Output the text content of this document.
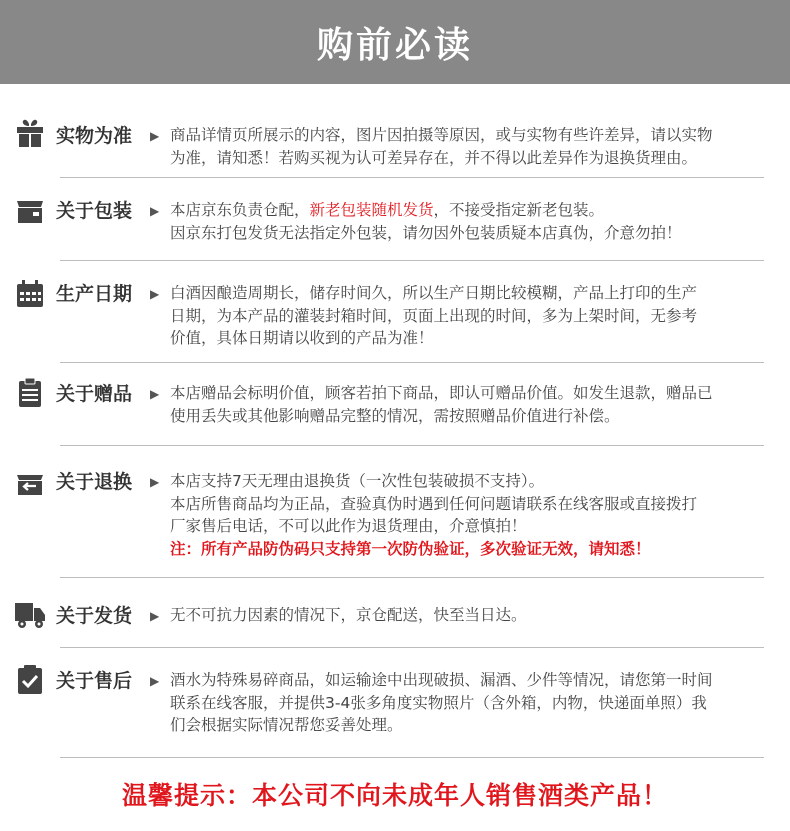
购前必读
实物为准 ▶ 商品详情页所展示的内容，图片因拍摄等原因，或与实物有些许差异，请以实物
为准，请知悉！若购买视为认可差异存在，并不得以此差异作为退换货理由。
关于包装 ▶ 本店京东负责仓配，新老包装随机发货，不接受指定新老包装。
因京东打包发货无法指定外包装，请勿因外包装质疑本店真伪，介意勿拍！
生产日期 ▶ 白酒因酿造周期长，储存时间久，所以生产日期比较模糊，产品上打印的生产
日期，为本产品的灌装封箱时间，页面上出现的时间，多为上架时间，无参考
价值，具体日期请以收到的产品为准！
关于赠品 ▶ 本店赠品会标明价值，顾客若拍下商品，即认可赠品价值。如发生退款，赠品已
使用丢失或其他影响赠品完整的情况，需按照赠品价值进行补偿。
关于退换 ▶ 本店支持7天无理由退换货（一次性包装破损不支持）。
本店所售商品均为正品，查验真伪时遇到任何问题请联系在线客服或直接拨打
厂家售后电话，不可以此作为退货理由，介意慎拍！
注：所有产品防伪码只支持第一次防伪验证，多次验证无效，请知悉！
关于发货 ▶ 无不可抗力因素的情况下，京仓配送，快至当日达。
关于售后 ▶ 酒水为特殊易碎商品，如运输途中出现破损、漏酒、少件等情况，请您第一时间
联系在线客服，并提供3-4张多角度实物照片（含外箱，内物，快递面单照）我
们会根据实际情况帮您妥善处理。
温馨提示：本公司不向未成年人销售酒类产品！
